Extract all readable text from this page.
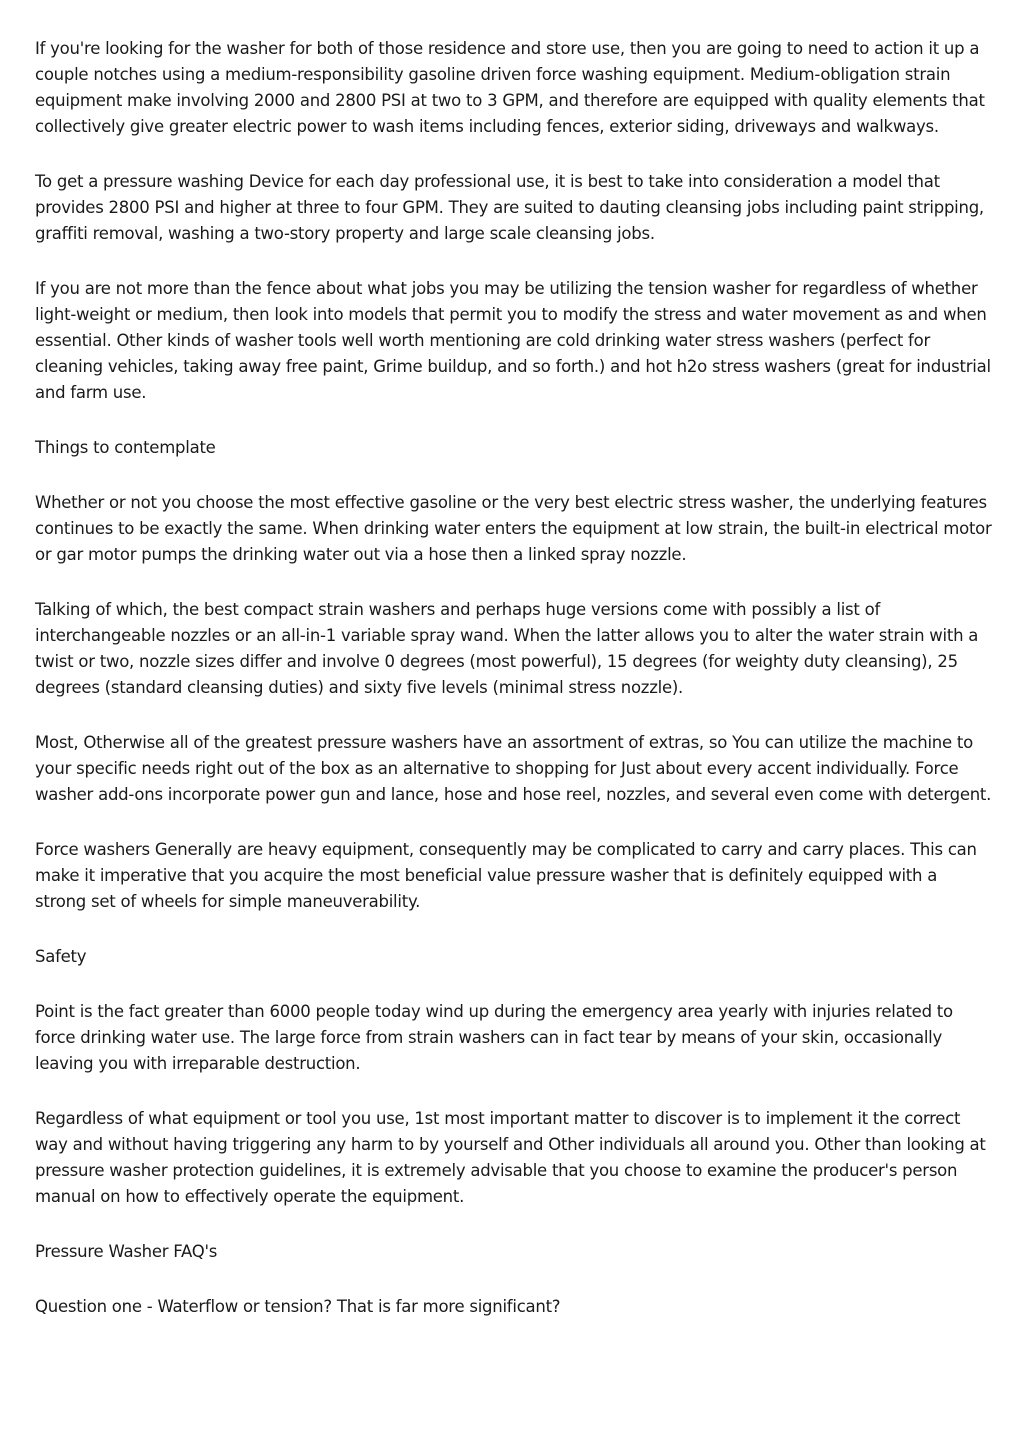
If you're looking for the washer for both of those residence and store use, then you are going to need to action it up a couple notches using a medium-responsibility gasoline driven force washing equipment. Medium-obligation strain equipment make involving 2000 and 2800 PSI at two to 3 GPM, and therefore are equipped with quality elements that collectively give greater electric power to wash items including fences, exterior siding, driveways and walkways.

To get a pressure washing Device for each day professional use, it is best to take into consideration a model that provides 2800 PSI and higher at three to four GPM. They are suited to dauting cleansing jobs including paint stripping, graffiti removal, washing a two-story property and large scale cleansing jobs.

If you are not more than the fence about what jobs you may be utilizing the tension washer for regardless of whether light-weight or medium, then look into models that permit you to modify the stress and water movement as and when essential. Other kinds of washer tools well worth mentioning are cold drinking water stress washers (perfect for cleaning vehicles, taking away free paint, Grime buildup, and so forth.) and hot h2o stress washers (great for industrial and farm use.

Things to contemplate

Whether or not you choose the most effective gasoline or the very best electric stress washer, the underlying features continues to be exactly the same. When drinking water enters the equipment at low strain, the built-in electrical motor or gar motor pumps the drinking water out via a hose then a linked spray nozzle.

Talking of which, the best compact strain washers and perhaps huge versions come with possibly a list of interchangeable nozzles or an all-in-1 variable spray wand. When the latter allows you to alter the water strain with a twist or two, nozzle sizes differ and involve 0 degrees (most powerful), 15 degrees (for weighty duty cleansing), 25 degrees (standard cleansing duties) and sixty five levels (minimal stress nozzle).

Most, Otherwise all of the greatest pressure washers have an assortment of extras, so You can utilize the machine to your specific needs right out of the box as an alternative to shopping for Just about every accent individually. Force washer add-ons incorporate power gun and lance, hose and hose reel, nozzles, and several even come with detergent.

Force washers Generally are heavy equipment, consequently may be complicated to carry and carry places. This can make it imperative that you acquire the most beneficial value pressure washer that is definitely equipped with a strong set of wheels for simple maneuverability.

Safety

Point is the fact greater than 6000 people today wind up during the emergency area yearly with injuries related to force drinking water use. The large force from strain washers can in fact tear by means of your skin, occasionally leaving you with irreparable destruction.

Regardless of what equipment or tool you use, 1st most important matter to discover is to implement it the correct way and without having triggering any harm to by yourself and Other individuals all around you. Other than looking at pressure washer protection guidelines, it is extremely advisable that you choose to examine the producer's person manual on how to effectively operate the equipment.

Pressure Washer FAQ's

Question one - Waterflow or tension? That is far more significant?
